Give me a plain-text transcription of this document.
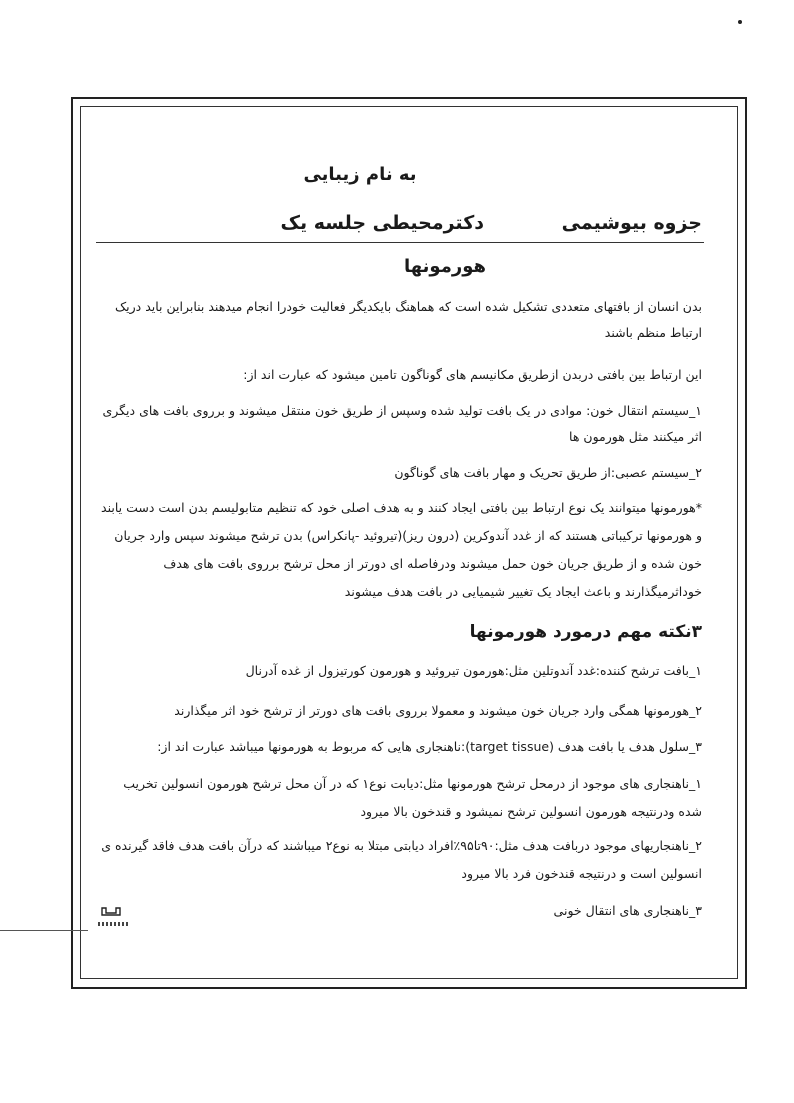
به نام زیبایی
جزوه بیوشیمی
دکترمحیطی جلسه یک
هورمونها
بدن انسان از بافتهای متعددی تشکیل شده است که هماهنگ بایکدیگر فعالیت خودرا انجام میدهند بنابراین باید دریک ارتباط منظم باشند
این ارتباط بین بافتی دربدن ازطریق مکانیسم های گوناگون تامین میشود که عبارت اند از:
۱_سیستم انتقال خون: موادی در یک بافت تولید شده وسپس از طریق خون منتقل میشوند و برروی بافت های دیگری اثر میکنند مثل هورمون ها
۲_سیستم عصبی:از طریق تحریک و مهار بافت های گوناگون
*هورمونها میتوانند یک نوع ارتباط بین بافتی ایجاد کنند و به هدف اصلی خود که تنظیم متابولیسم بدن است دست یابند و هورمونها ترکیباتی هستند که از غدد آندوکرین (درون ریز)(تیروئید -پانکراس) بدن ترشح میشوند سپس وارد جریان خون شده و از طریق جریان خون حمل میشوند ودرفاصله ای دورتر از محل ترشح برروی بافت های هدف خوداثرمیگذارند و باعث ایجاد یک تغییر شیمیایی در بافت هدف میشوند
۳نکته مهم درمورد هورمونها
۱_بافت ترشح کننده:غدد آندوتلین مثل:هورمون تیروئید و هورمون کورتیزول از غده آدرنال
۲_هورمونها همگی وارد جریان خون میشوند و معمولا برروی بافت های دورتر از ترشح خود اثر میگذارند
۳_سلول هدف یا بافت هدف (target tissue):ناهنجاری هایی که مربوط به هورمونها میباشد عبارت اند از:
۱_ناهنجاری های موجود از درمحل ترشح هورمونها مثل:دیابت نوع۱ که در آن محل ترشح هورمون انسولین تخریب شده ودرنتیجه هورمون انسولین ترشح نمیشود و قندخون بالا میرود
۲_ناهنجاریهای موجود دربافت هدف مثل:۹۰تا۹۵٪افراد دیابتی مبتلا به نوع۲ میباشند که درآن بافت هدف فاقد گیرنده ی انسولین است و درنتیجه قندخون فرد بالا میرود
۳_ناهنجاری های انتقال خونی
